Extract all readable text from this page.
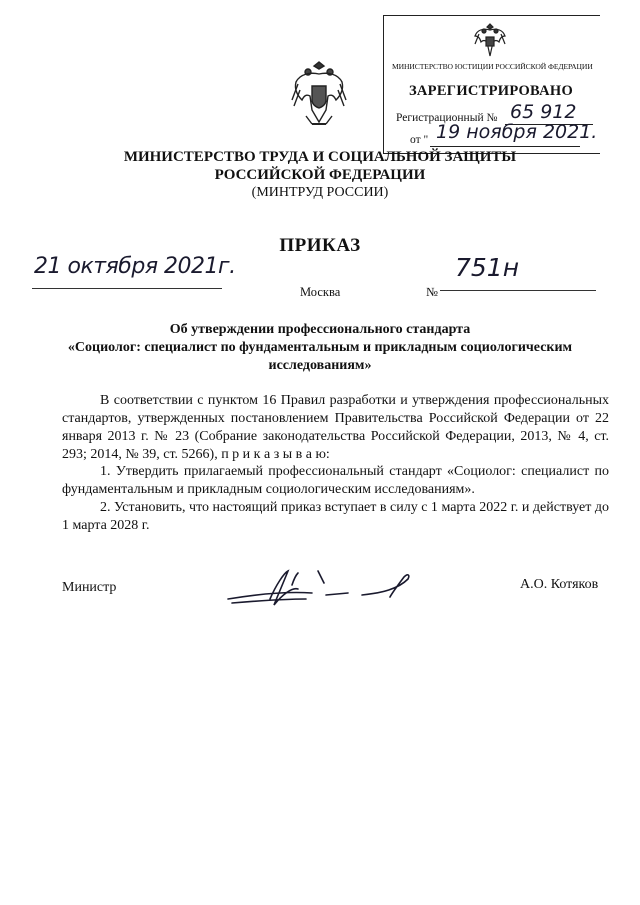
МИНИСТЕРСТВО ЮСТИЦИИ РОССИЙСКОЙ ФЕДЕРАЦИИ
ЗАРЕГИСТРИРОВАНО
Регистрационный № 65 912
от " 19 ноября 2021.
МИНИСТЕРСТВО ТРУДА И СОЦИАЛЬНОЙ ЗАЩИТЫ
РОССИЙСКОЙ ФЕДЕРАЦИИ
(МИНТРУД РОССИИ)
ПРИКАЗ
21 октября 2021г.
Москва	№
751н
Об утверждении профессионального стандарта
«Социолог: специалист по фундаментальным и прикладным социологическим
исследованиям»
В соответствии с пунктом 16 Правил разработки и утверждения профессиональных стандартов, утвержденных постановлением Правительства Российской Федерации от 22 января 2013 г. № 23 (Собрание законодательства Российской Федерации, 2013, № 4, ст. 293; 2014, № 39, ст. 5266), п р и к а з ы в а ю:
1. Утвердить прилагаемый профессиональный стандарт «Социолог: специалист по фундаментальным и прикладным социологическим исследованиям».
2. Установить, что настоящий приказ вступает в силу с 1 марта 2022 г. и действует до 1 марта 2028 г.
Министр	А.О. Котяков
